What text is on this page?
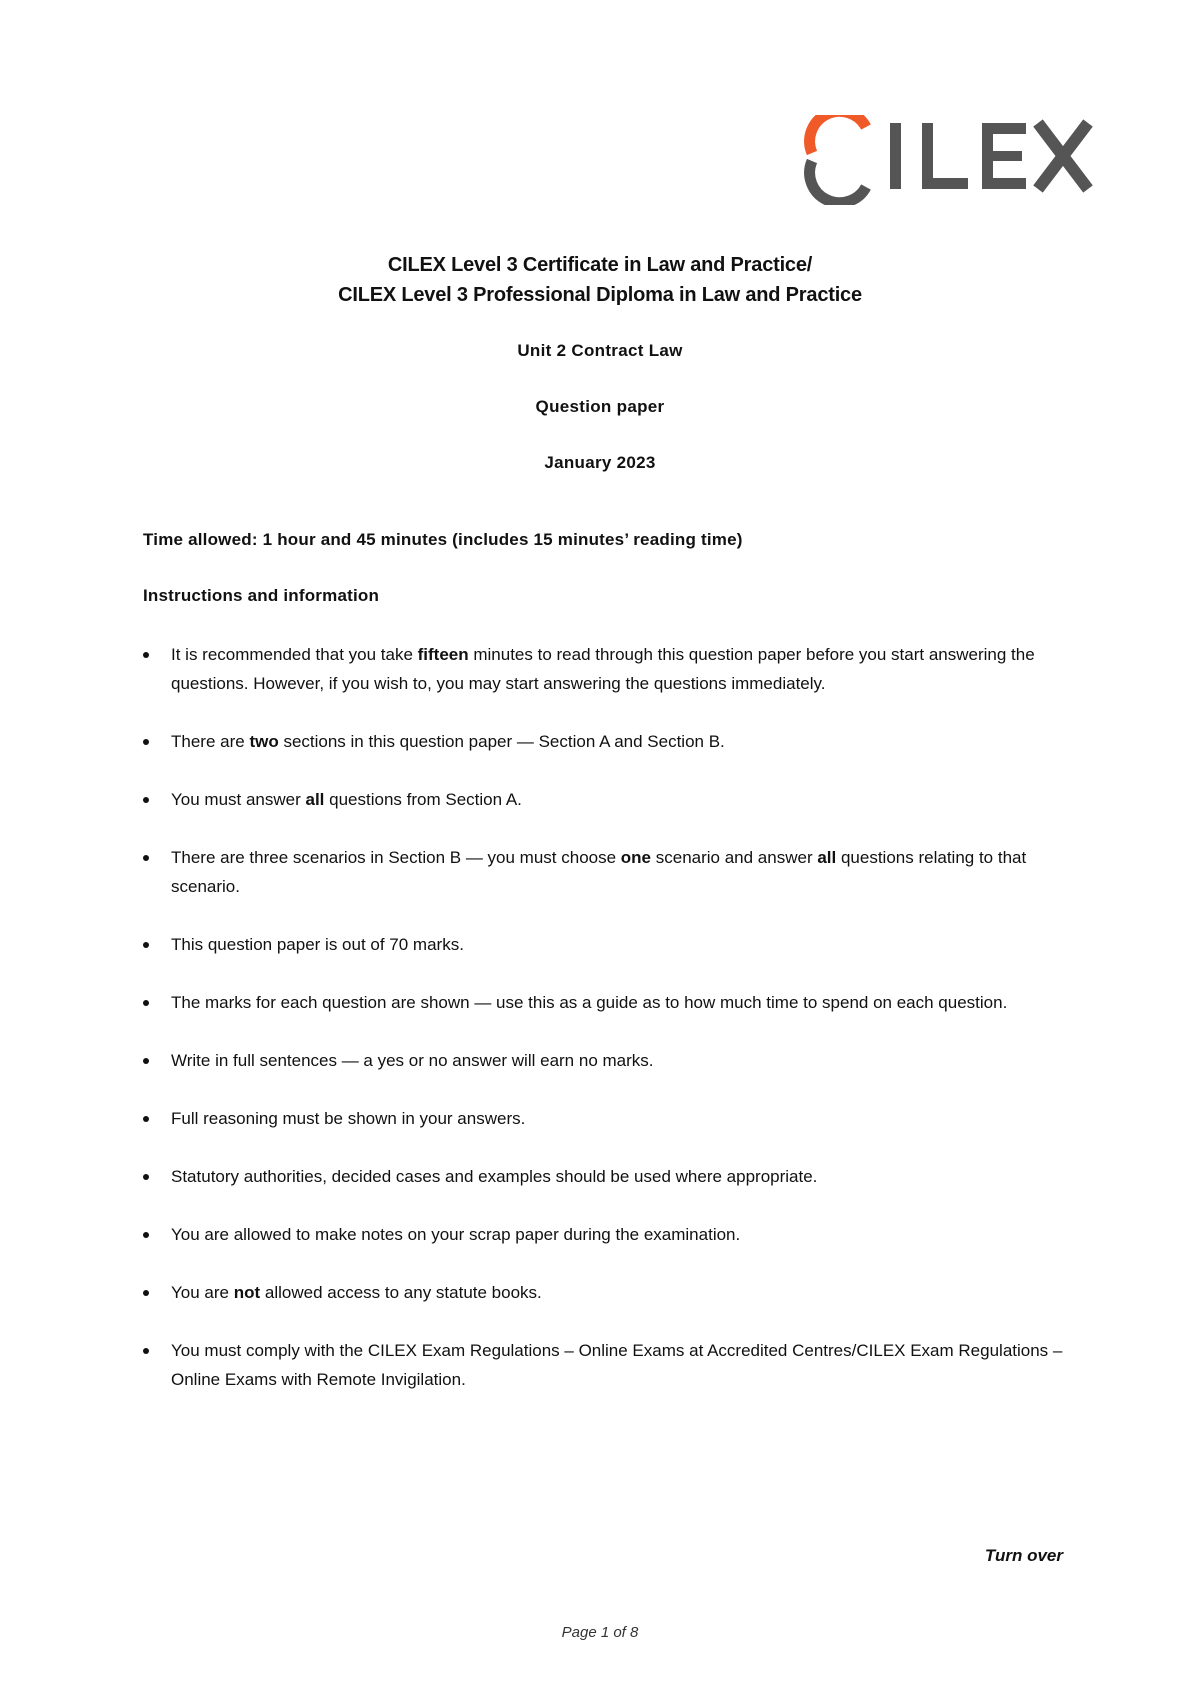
CILEX Level 3 Certificate in Law and Practice/
CILEX Level 3 Professional Diploma in Law and Practice
Unit 2 Contract Law
Question paper
January 2023
Time allowed: 1 hour and 45 minutes (includes 15 minutes’ reading time)
Instructions and information
It is recommended that you take fifteen minutes to read through this question paper before you start answering the questions. However, if you wish to, you may start answering the questions immediately.
There are two sections in this question paper — Section A and Section B.
You must answer all questions from Section A.
There are three scenarios in Section B — you must choose one scenario and answer all questions relating to that scenario.
This question paper is out of 70 marks.
The marks for each question are shown — use this as a guide as to how much time to spend on each question.
Write in full sentences — a yes or no answer will earn no marks.
Full reasoning must be shown in your answers.
Statutory authorities, decided cases and examples should be used where appropriate.
You are allowed to make notes on your scrap paper during the examination.
You are not allowed access to any statute books.
You must comply with the CILEX Exam Regulations – Online Exams at Accredited Centres/CILEX Exam Regulations – Online Exams with Remote Invigilation.
Turn over
Page 1 of 8
